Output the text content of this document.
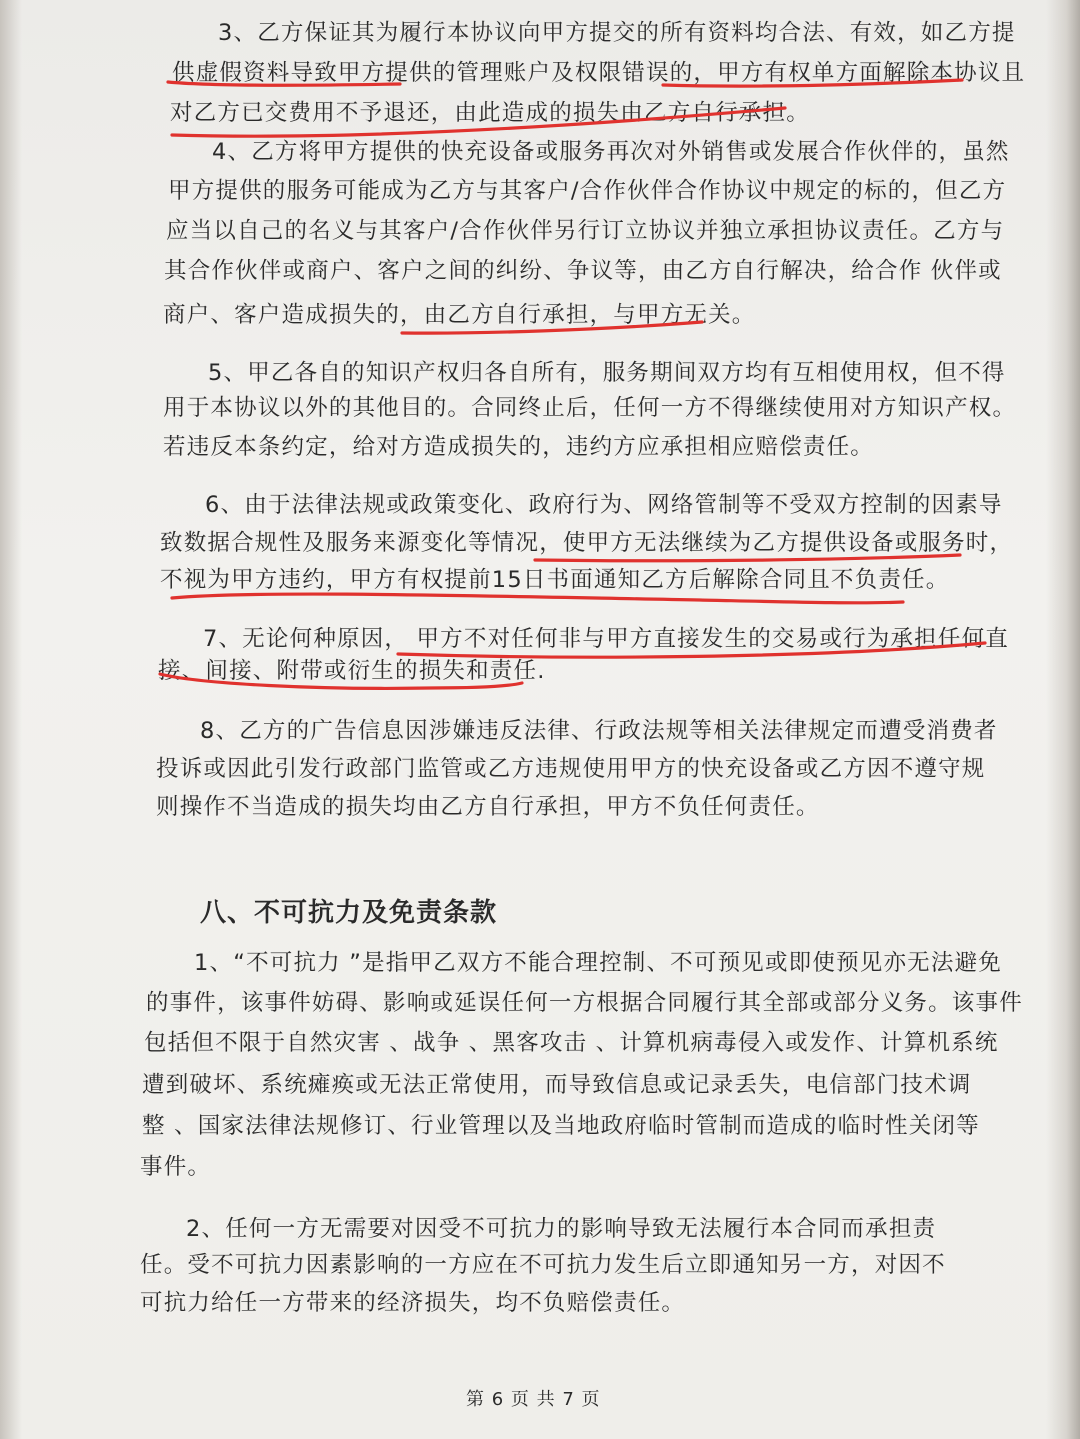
3、乙方保证其为履行本协议向甲方提交的所有资料均合法、有效，如乙方提
供虚假资料导致甲方提供的管理账户及权限错误的，甲方有权单方面解除本协议且
对乙方已交费用不予退还，由此造成的损失由乙方自行承担。
4、乙方将甲方提供的快充设备或服务再次对外销售或发展合作伙伴的，虽然
甲方提供的服务可能成为乙方与其客户/合作伙伴合作协议中规定的标的，但乙方
应当以自己的名义与其客户/合作伙伴另行订立协议并独立承担协议责任。乙方与
其合作伙伴或商户、客户之间的纠纷、争议等，由乙方自行解决，给合作 伙伴或
商户、客户造成损失的，由乙方自行承担，与甲方无关。
5、甲乙各自的知识产权归各自所有，服务期间双方均有互相使用权，但不得
用于本协议以外的其他目的。合同终止后，任何一方不得继续使用对方知识产权。
若违反本条约定，给对方造成损失的，违约方应承担相应赔偿责任。
6、由于法律法规或政策变化、政府行为、网络管制等不受双方控制的因素导
致数据合规性及服务来源变化等情况，使甲方无法继续为乙方提供设备或服务时，
不视为甲方违约，甲方有权提前15日书面通知乙方后解除合同且不负责任。
7、无论何种原因， 甲方不对任何非与甲方直接发生的交易或行为承担任何直
接、间接、附带或衍生的损失和责任.
8、乙方的广告信息因涉嫌违反法律、行政法规等相关法律规定而遭受消费者
投诉或因此引发行政部门监管或乙方违规使用甲方的快充设备或乙方因不遵守规
则操作不当造成的损失均由乙方自行承担，甲方不负任何责任。
八、不可抗力及免责条款
1、“不可抗力 ”是指甲乙双方不能合理控制、不可预见或即使预见亦无法避免
的事件，该事件妨碍、影响或延误任何一方根据合同履行其全部或部分义务。该事件
包括但不限于自然灾害 、战争 、黑客攻击 、计算机病毒侵入或发作、计算机系统
遭到破坏、系统瘫痪或无法正常使用，而导致信息或记录丢失，电信部门技术调
整 、国家法律法规修订、行业管理以及当地政府临时管制而造成的临时性关闭等
事件。
2、任何一方无需要对因受不可抗力的影响导致无法履行本合同而承担责
任。受不可抗力因素影响的一方应在不可抗力发生后立即通知另一方，对因不
可抗力给任一方带来的经济损失，均不负赔偿责任。
第 6 页 共 7 页
